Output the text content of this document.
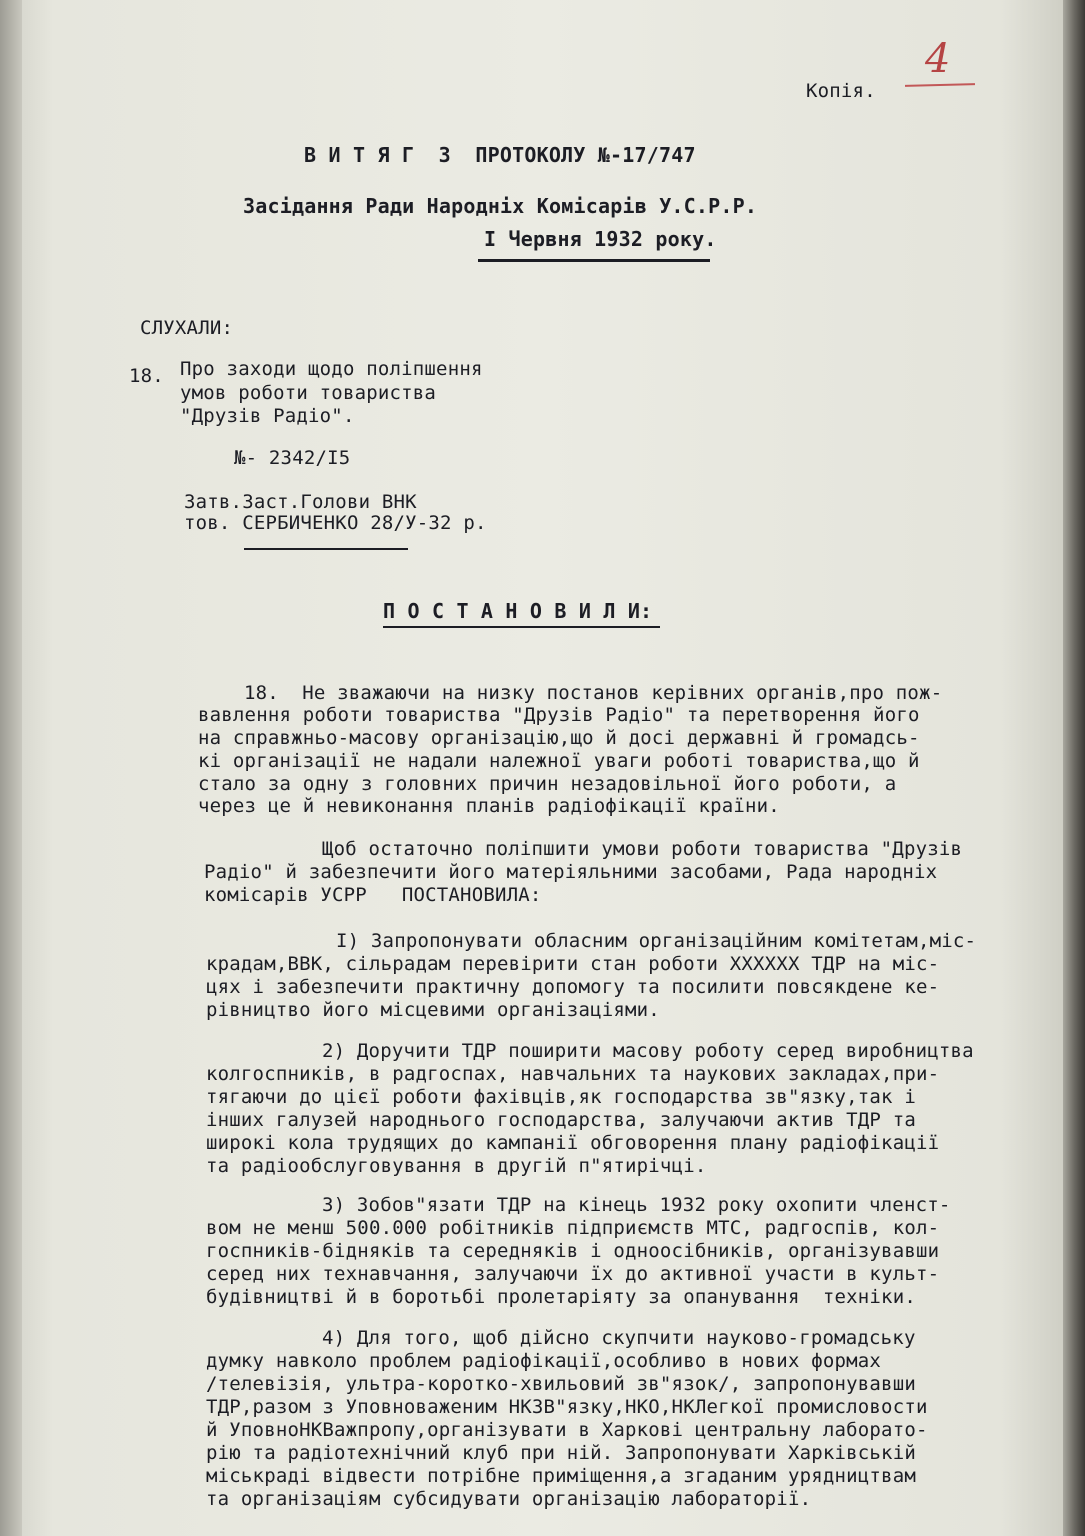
4
Копія.
В И Т Я Г  З  ПРОТОКОЛУ №-17/747
Засідання Ради Народніх Комісарів У.С.Р.Р.
I Червня 1932 року.
СЛУХАЛИ:
18. Про заходи щодо поліпшення
умов роботи товариства
"Друзів Радіо".
№- 2342/I5
Затв.Заст.Голови ВНК
тов. СЕРБИЧЕНКО 28/У-32 р.
П О С Т А Н О В И Л И:
18.  Не зважаючи на низку постанов керівних органів,про пож-
вавлення роботи товариства "Друзів Радіо" та перетворення його
на справжньо-масову організацію,що й досі державні й громадсь-
кі організації не надали належної уваги роботі товариства,що й
стало за одну з головних причин незадовільної його роботи, а
через це й невиконання планів радіофікації країни.
Щоб остаточно поліпшити умови роботи товариства "Друзів
Радіо" й забезпечити його матеріяльними засобами, Рада народніх
комісарів УСРР   ПОСТАНОВИЛА:
I) Запропонувати обласним організаційним комітетам,міс-
крадам,ВВК, сільрадам перевірити стан роботи ХХХХХХ ТДР на міс-
цях і забезпечити практичну допомогу та посилити повсякдене ке-
рівництво його місцевими організаціями.
2) Доручити ТДР поширити масову роботу серед виробництва
колгоспників, в радгоспах, навчальних та наукових закладах,при-
тягаючи до цієї роботи фахівців,як господарства зв"язку,так і
інших галузей народнього господарства, залучаючи актив ТДР та
широкі кола трудящих до кампанії обговорення плану радіофікації
та радіообслуговування в другій п"ятирічці.
3) Зобов"язати ТДР на кінець 1932 року охопити членст-
вом не менш 500.000 робітників підприємств МТС, радгоспів, кол-
госпників-бідняків та середняків і одноосібників, організувавши
серед них технавчання, залучаючи їх до активної участи в культ-
будівництві й в боротьбі пролетаріяту за опанування  техніки.
4) Для того, щоб дійсно скупчити науково-громадську
думку навколо проблем радіофікації,особливо в нових формах
/телевізія, ультра-коротко-хвильовий зв"язок/, запропонувавши
ТДР,разом з Уповноваженим НКЗВ"язку,НКО,НКЛегкої промисловости
й УповноНКВажпропу,організувати в Харкові центральну лаборато-
рію та радіотехнічний клуб при ній. Запропонувати Харківській
міськраді відвести потрібне приміщення,а згаданим урядництвам
та організаціям субсидувати організацію лабораторії.
